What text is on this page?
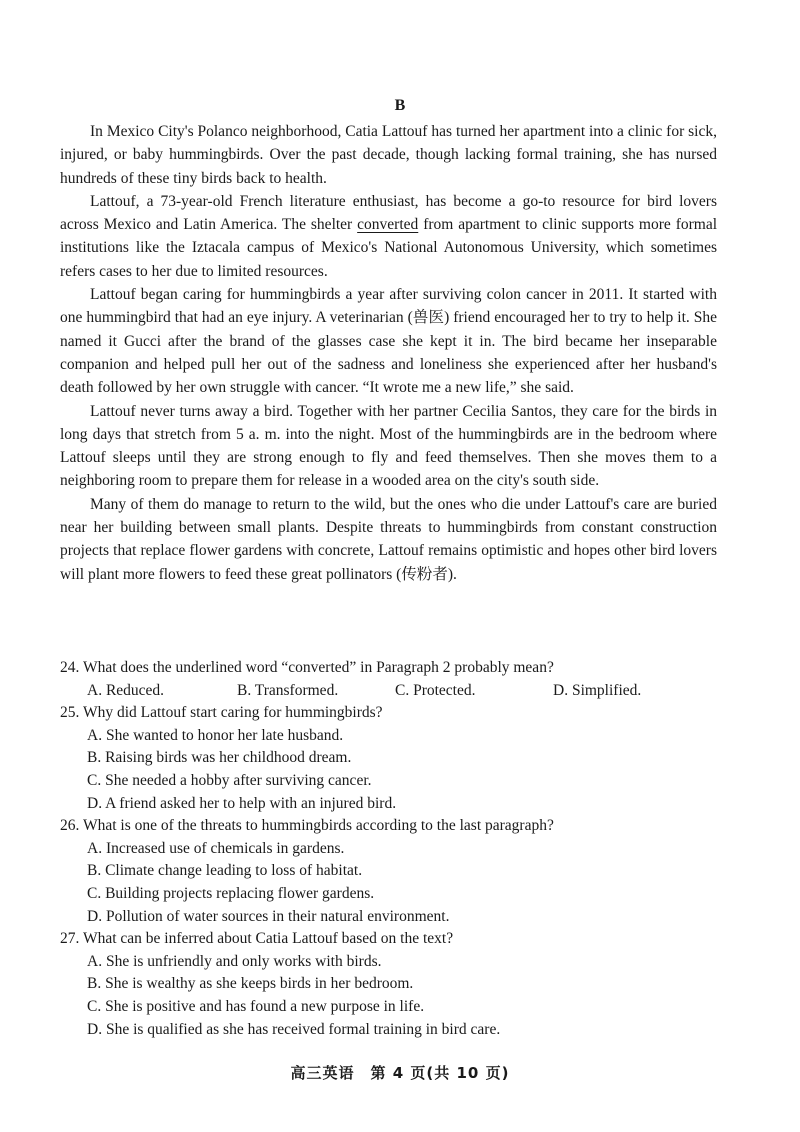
B

In Mexico City's Polanco neighborhood, Catia Lattouf has turned her apartment into a clinic for sick, injured, or baby hummingbirds. Over the past decade, though lacking formal training, she has nursed hundreds of these tiny birds back to health.

Lattouf, a 73-year-old French literature enthusiast, has become a go-to resource for bird lovers across Mexico and Latin America. The shelter converted from apartment to clinic supports more formal institutions like the Iztacala campus of Mexico's National Autonomous University, which sometimes refers cases to her due to limited resources.

Lattouf began caring for hummingbirds a year after surviving colon cancer in 2011. It started with one hummingbird that had an eye injury. A veterinarian (兽医) friend encouraged her to try to help it. She named it Gucci after the brand of the glasses case she kept it in. The bird became her inseparable companion and helped pull her out of the sadness and loneliness she experienced after her husband's death followed by her own struggle with cancer. “It wrote me a new life,” she said.

Lattouf never turns away a bird. Together with her partner Cecilia Santos, they care for the birds in long days that stretch from 5 a. m. into the night. Most of the hummingbirds are in the bedroom where Lattouf sleeps until they are strong enough to fly and feed themselves. Then she moves them to a neighboring room to prepare them for release in a wooded area on the city's south side.

Many of them do manage to return to the wild, but the ones who die under Lattouf's care are buried near her building between small plants. Despite threats to hummingbirds from constant construction projects that replace flower gardens with concrete, Lattouf remains optimistic and hopes other bird lovers will plant more flowers to feed these great pollinators (传粉者).

24. What does the underlined word “converted” in Paragraph 2 probably mean?

A. Reduced.	B. Transformed.	C. Protected.	D. Simplified.

25. Why did Lattouf start caring for hummingbirds?

A. She wanted to honor her late husband.
B. Raising birds was her childhood dream.
C. She needed a hobby after surviving cancer.
D. A friend asked her to help with an injured bird.

26. What is one of the threats to hummingbirds according to the last paragraph?

A. Increased use of chemicals in gardens.
B. Climate change leading to loss of habitat.
C. Building projects replacing flower gardens.
D. Pollution of water sources in their natural environment.

27. What can be inferred about Catia Lattouf based on the text?

A. She is unfriendly and only works with birds.
B. She is wealthy as she keeps birds in her bedroom.
C. She is positive and has found a new purpose in life.
D. She is qualified as she has received formal training in bird care.
高三英语　第 4 页(共 10 页)
